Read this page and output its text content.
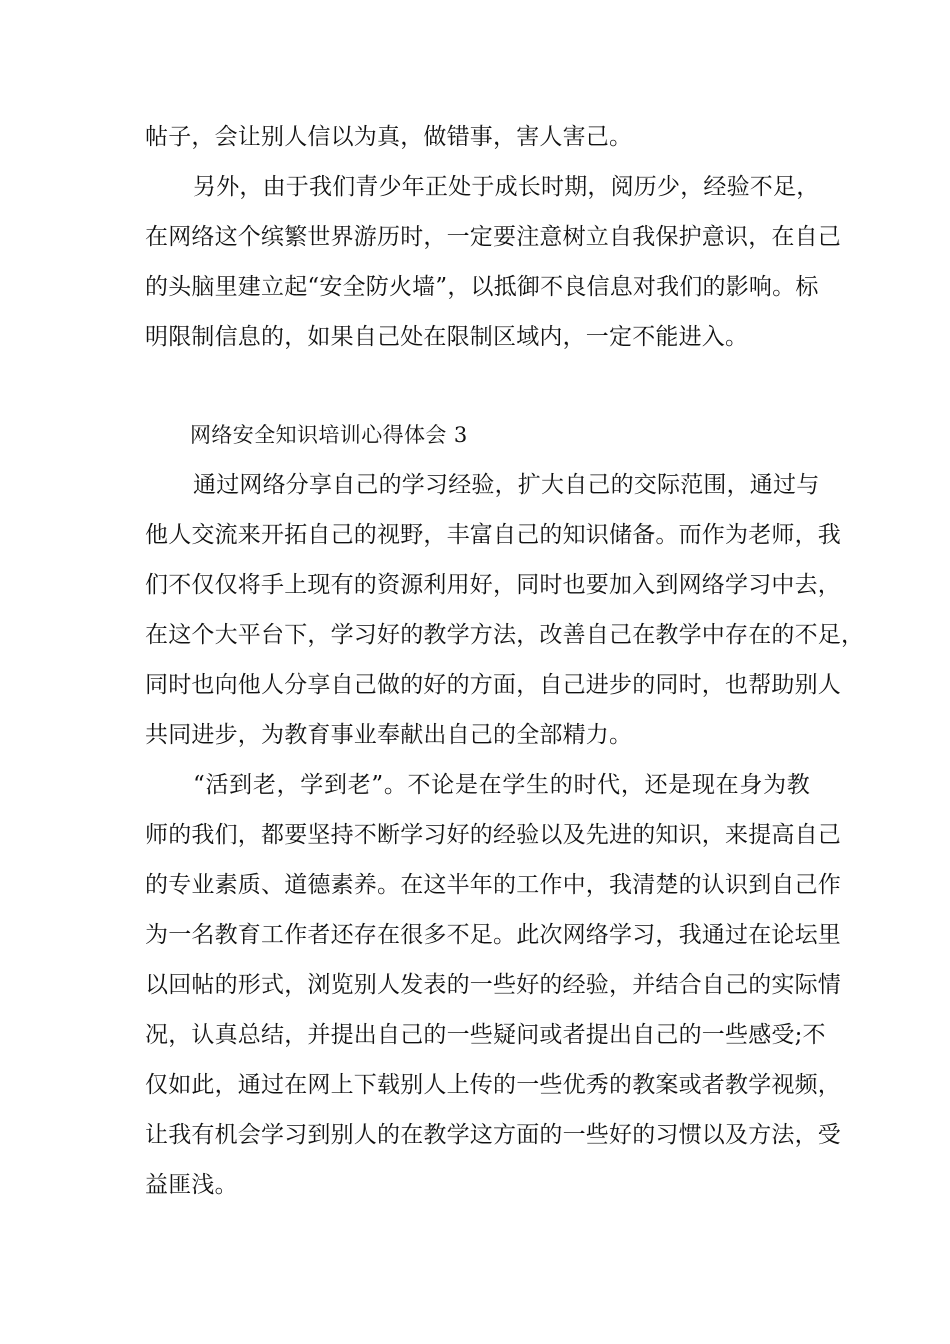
帖子，会让别人信以为真，做错事，害人害己。
另外，由于我们青少年正处于成长时期，阅历少，经验不足，
在网络这个缤繁世界游历时，一定要注意树立自我保护意识，在自己
的头脑里建立起“安全防火墙”，以抵御不良信息对我们的影响。标
明限制信息的，如果自己处在限制区域内，一定不能进入。
网络安全知识培训心得体会 3
通过网络分享自己的学习经验，扩大自己的交际范围，通过与
他人交流来开拓自己的视野，丰富自己的知识储备。而作为老师，我
们不仅仅将手上现有的资源利用好，同时也要加入到网络学习中去，
在这个大平台下，学习好的教学方法，改善自己在教学中存在的不足，
同时也向他人分享自己做的好的方面，自己进步的同时，也帮助别人
共同进步，为教育事业奉献出自己的全部精力。
“活到老，学到老”。不论是在学生的时代，还是现在身为教
师的我们，都要坚持不断学习好的经验以及先进的知识，来提高自己
的专业素质、道德素养。在这半年的工作中，我清楚的认识到自己作
为一名教育工作者还存在很多不足。此次网络学习，我通过在论坛里
以回帖的形式，浏览别人发表的一些好的经验，并结合自己的实际情
况，认真总结，并提出自己的一些疑问或者提出自己的一些感受;不
仅如此，通过在网上下载别人上传的一些优秀的教案或者教学视频，
让我有机会学习到别人的在教学这方面的一些好的习惯以及方法，受
益匪浅。
